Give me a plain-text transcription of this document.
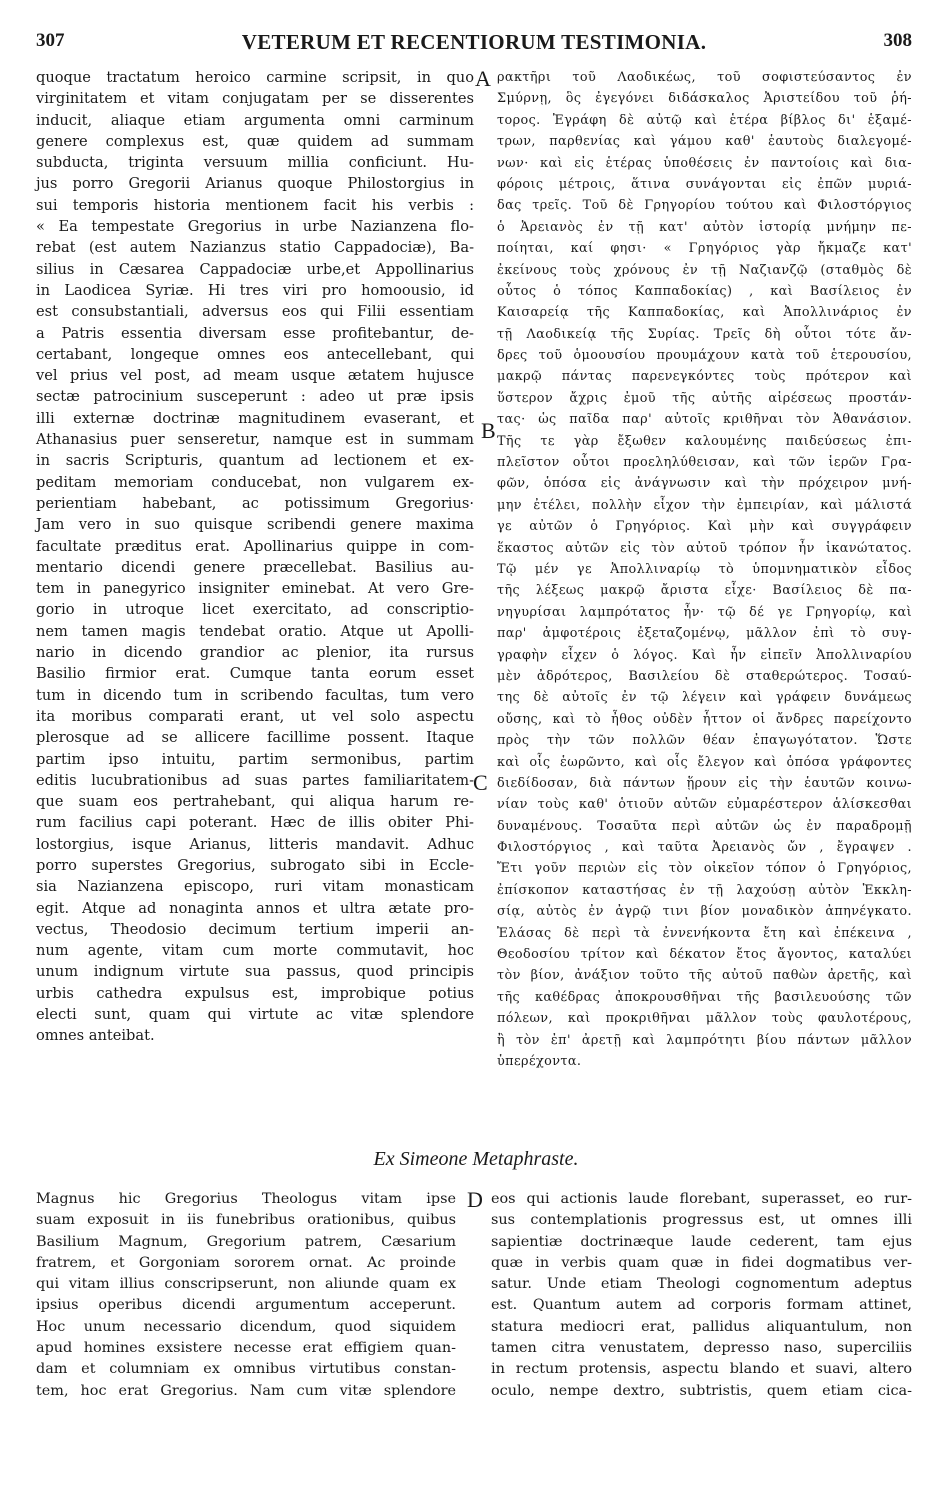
307	VETERUM ET RECENTIORUM TESTIMONIA.	308
quoque tractatum heroico carmine scripsit, in quo
virginitatem et vitam conjugatam per se disserentes
inducit, aliaque etiam argumenta omni carminum
genere complexus est, quæ quidem ad summam
subducta, triginta versuum millia conficiunt. Hu-
jus porro Gregorii Arianus quoque Philostorgius in
sui temporis historia mentionem facit his verbis :
« Ea tempestate Gregorius in urbe Nazianzena flo-
rebat (est autem Nazianzus statio Cappadociæ), Ba-
silius in Cæsarea Cappadociæ urbe,et Appollinarius
in Laodicea Syriæ. Hi tres viri pro homoousio, id
est consubstantiali, adversus eos qui Filii essentiam
a Patris essentia diversam esse profitebantur, de-
certabant, longeque omnes eos antecellebant, qui
vel prius vel post, ad meam usque ætatem hujusce
sectæ patrocinium susceperunt : adeo ut præ ipsis
illi externæ doctrinæ magnitudinem evaserant, et
Athanasius puer senseretur, namque est in summam
in sacris Scripturis, quantum ad lectionem et ex-
peditam memoriam conducebat, non vulgarem ex-
perientiam habebant, ac potissimum Gregorius·
Jam vero in suo quisque scribendi genere maxima
facultate præditus erat. Apollinarius quippe in com-
mentario dicendi genere præcellebat. Basilius au-
tem in panegyrico insigniter eminebat. At vero Gre-
gorio in utroque licet exercitato, ad conscriptio-
nem tamen magis tendebat oratio. Atque ut Apolli-
nario in dicendo grandior ac plenior, ita rursus
Basilio firmior erat. Cumque tanta eorum esset
tum in dicendo tum in scribendo facultas, tum vero
ita moribus comparati erant, ut vel solo aspectu
plerosque ad se allicere facillime possent. Itaque
partim ipso intuitu, partim sermonibus, partim
editis lucubrationibus ad suas partes familiaritatem-
que suam eos pertrahebant, qui aliqua harum re-
rum facilius capi poterant. Hæc de illis obiter Phi-
lostorgius, isque Arianus, litteris mandavit. Adhuc
porro superstes Gregorius, subrogato sibi in Eccle-
sia Nazianzena episcopo, ruri vitam monasticam
egit. Atque ad nonaginta annos et ultra ætate pro-
vectus, Theodosio decimum tertium imperii an-
num agente, vitam cum morte commutavit, hoc
unum indignum virtute sua passus, quod principis
urbis cathedra expulsus est, improbique potius
electi sunt, quam qui virtute ac vitæ splendore
omnes anteibat.
ρακτῆρι τοῦ Λαοδικέως, τοῦ σοφιστεύσαντος ἐν
Σμύρνῃ, ὃς ἐγεγόνει διδάσκαλος Ἀριστείδου τοῦ ῥή-
τορος. Ἐγράφη δὲ αὐτῷ καὶ ἑτέρα βίβλος δι' ἑξαμέ-
τρων, παρθενίας καὶ γάμου καθ' ἑαυτοὺς διαλεγομέ-
νων· καὶ εἰς ἑτέρας ὑποθέσεις ἐν παντοίοις καὶ δια-
φόροις μέτροις, ἅτινα συνάγονται εἰς ἐπῶν μυριά-
δας τρεῖς. Τοῦ δὲ Γρηγορίου τούτου καὶ Φιλοστόργιος
ὁ Ἀρειανὸς ἐν τῇ κατ' αὐτὸν ἱστορίᾳ μνήμην πε-
ποίηται, καί φησι· « Γρηγόριος γὰρ ἤκμαζε κατ'
ἐκείνους τοὺς χρόνους ἐν τῇ Ναζιανζῷ (σταθμὸς δὲ
οὗτος ὁ τόπος Καππαδοκίας) , καὶ Βασίλειος ἐν
Καισαρείᾳ τῆς Καππαδοκίας, καὶ Ἀπολλινάριος ἐν
τῇ Λαοδικείᾳ τῆς Συρίας. Τρεῖς δὴ οὗτοι τότε ἄν-
δρες τοῦ ὁμοουσίου προυμάχουν κατὰ τοῦ ἑτερουσίου,
μακρῷ πάντας παρενεγκόντες τοὺς πρότερον καὶ
ὕστερον ἄχρις ἐμοῦ τῆς αὐτῆς αἱρέσεως προστάν-
τας· ὡς παῖδα παρ' αὐτοῖς κριθῆναι τὸν Ἀθανάσιον.
Τῆς τε γὰρ ἔξωθεν καλουμένης παιδεύσεως ἐπι-
πλεῖστον οὗτοι προεληλύθεισαν, καὶ τῶν ἱερῶν Γρα-
φῶν, ὁπόσα εἰς ἀνάγνωσιν καὶ τὴν πρόχειρον μνή-
μην ἐτέλει, πολλὴν εἶχον τὴν ἐμπειρίαν, καὶ μάλιστά
γε αὐτῶν ὁ Γρηγόριος. Καὶ μὴν καὶ συγγράφειν
ἕκαστος αὐτῶν εἰς τὸν αὐτοῦ τρόπον ἦν ἱκανώτατος.
Τῷ μέν γε Ἀπολλιναρίῳ τὸ ὑπομνηματικὸν εἶδος
τῆς λέξεως μακρῷ ἄριστα εἶχε· Βασίλειος δὲ πα-
νηγυρίσαι λαμπρότατος ἦν· τῷ δέ γε Γρηγορίῳ, καὶ
παρ' ἀμφοτέροις ἐξεταζομένῳ, μᾶλλον ἐπὶ τὸ συγ-
γραφὴν εἶχεν ὁ λόγος. Καὶ ἦν εἰπεῖν Ἀπολλιναρίου
μὲν ἀδρότερος, Βασιλείου δὲ σταθερώτερος. Τοσαύ-
της δὲ αὐτοῖς ἐν τῷ λέγειν καὶ γράφειν δυνάμεως
οὔσης, καὶ τὸ ἦθος οὐδὲν ἧττον οἱ ἄνδρες παρείχοντο
πρὸς τὴν τῶν πολλῶν θέαν ἐπαγωγότατον. Ὥστε
καὶ οἷς ἑωρῶντο, καὶ οἷς ἔλεγον καὶ ὁπόσα γράφοντες
διεδίδοσαν, διὰ πάντων ᾕρουν εἰς τὴν ἑαυτῶν κοινω-
νίαν τοὺς καθ' ὁτιοῦν αὐτῶν εὐμαρέστερον ἁλίσκεσθαι
δυναμένους. Τοσαῦτα περὶ αὐτῶν ὡς ἐν παραδρομῇ
Φιλοστόργιος , καὶ ταῦτα Ἀρειανὸς ὤν , ἔγραψεν .
Ἔτι γοῦν περιὼν εἰς τὸν οἰκεῖον τόπον ὁ Γρηγόριος,
ἐπίσκοπον καταστήσας ἐν τῇ λαχούσῃ αὐτὸν Ἐκκλη-
σίᾳ, αὐτὸς ἐν ἀγρῷ τινι βίον μοναδικὸν ἀπηνέγκατο.
Ἐλάσας δὲ περὶ τὰ ἐννενήκοντα ἔτη καὶ ἐπέκεινα ,
Θεοδοσίου τρίτον καὶ δέκατον ἔτος ἄγοντος, καταλύει
τὸν βίον, ἀνάξιον τοῦτο τῆς αὐτοῦ παθὼν ἀρετῆς, καὶ
τῆς καθέδρας ἀποκρουσθῆναι τῆς βασιλευούσης τῶν
πόλεων, καὶ προκριθῆναι μᾶλλον τοὺς φαυλοτέρους,
ἢ τὸν ἐπ' ἀρετῇ καὶ λαμπρότητι βίου πάντων μᾶλλον
ὑπερέχοντα.
A
B
C
D
Ex Simeone Metaphraste.
Magnus hic Gregorius Theologus vitam ipse
suam exposuit in iis funebribus orationibus, quibus
Basilium Magnum, Gregorium patrem, Cæsarium
fratrem, et Gorgoniam sororem ornat. Ac proinde
qui vitam illius conscripserunt, non aliunde quam ex
ipsius operibus dicendi argumentum acceperunt.
Hoc unum necessario dicendum, quod siquidem
apud homines exsistere necesse erat effigiem quan-
dam et columniam ex omnibus virtutibus constan-
tem, hoc erat Gregorius. Nam cum vitæ splendore
eos qui actionis laude florebant, superasset, eo rur-
sus contemplationis progressus est, ut omnes illi
sapientiæ doctrinæque laude cederent, tam ejus
quæ in verbis quam quæ in fidei dogmatibus ver-
satur. Unde etiam Theologi cognomentum adeptus
est. Quantum autem ad corporis formam attinet,
statura mediocri erat, pallidus aliquantulum, non
tamen citra venustatem, depresso naso, superciliis
in rectum protensis, aspectu blando et suavi, altero
oculo, nempe dextro, subtristis, quem etiam cica-
